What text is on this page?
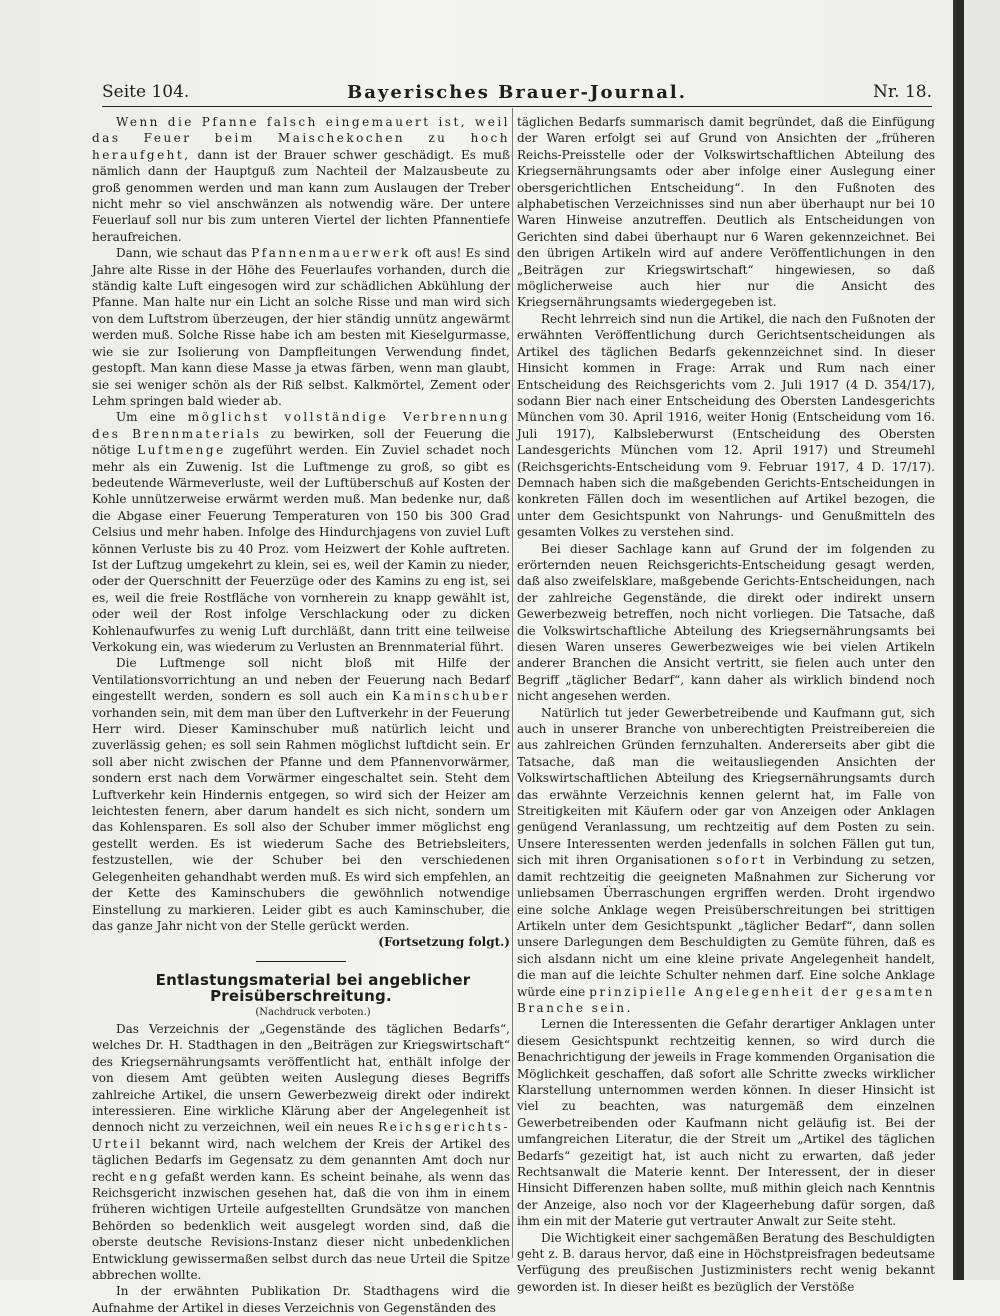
Seite 104.	Bayerisches Brauer-Journal.	Nr. 18.

Wenn die Pfanne falsch eingemauert ist, weil das Feuer beim Maischekochen zu hoch heraufgeht, dann ist der Brauer schwer geschädigt. Es muß nämlich dann der Hauptguß zum Nachteil der Malzausbeute zu groß genommen werden und man kann zum Auslaugen der Treber nicht mehr so viel anschwänzen als notwendig wäre. Der untere Feuerlauf soll nur bis zum unteren Viertel der lichten Pfannentiefe heraufreichen.

Dann, wie schaut das Pfannenmauerwerk oft aus! Es sind Jahre alte Risse in der Höhe des Feuerlaufes vorhanden, durch die ständig kalte Luft eingesogen wird zur schädlichen Abkühlung der Pfanne. Man halte nur ein Licht an solche Risse und man wird sich von dem Luftstrom überzeugen, der hier ständig unnütz angewärmt werden muß. Solche Risse habe ich am besten mit Kieselgurmasse, wie sie zur Isolierung von Dampfleitungen Verwendung findet, gestopft. Man kann diese Masse ja etwas färben, wenn man glaubt, sie sei weniger schön als der Riß selbst. Kalkmörtel, Zement oder Lehm springen bald wieder ab.

Um eine möglichst vollständige Verbrennung des Brennmaterials zu bewirken, soll der Feuerung die nötige Luftmenge zugeführt werden. Ein Zuviel schadet noch mehr als ein Zuwenig. Ist die Luftmenge zu groß, so gibt es bedeutende Wärmeverluste, weil der Luftüberschuß auf Kosten der Kohle unnützerweise erwärmt werden muß. Man bedenke nur, daß die Abgase einer Feuerung Temperaturen von 150 bis 300 Grad Celsius und mehr haben. Infolge des Hindurchjagens von zuviel Luft können Verluste bis zu 40 Proz. vom Heizwert der Kohle auftreten. Ist der Luftzug umgekehrt zu klein, sei es, weil der Kamin zu nieder, oder der Querschnitt der Feuerzüge oder des Kamins zu eng ist, sei es, weil die freie Rostfläche von vornherein zu knapp gewählt ist, oder weil der Rost infolge Verschlackung oder zu dicken Kohlenaufwurfes zu wenig Luft durchläßt, dann tritt eine teilweise Verkokung ein, was wiederum zu Verlusten an Brennmaterial führt.

Die Luftmenge soll nicht bloß mit Hilfe der Ventilationsvorrichtung an und neben der Feuerung nach Bedarf eingestellt werden, sondern es soll auch ein Kaminschuber vorhanden sein, mit dem man über den Luftverkehr in der Feuerung Herr wird. Dieser Kaminschuber muß natürlich leicht und zuverlässig gehen; es soll sein Rahmen möglichst luftdicht sein. Er soll aber nicht zwischen der Pfanne und dem Pfannenvorwärmer, sondern erst nach dem Vorwärmer eingeschaltet sein. Steht dem Luftverkehr kein Hindernis entgegen, so wird sich der Heizer am leichtesten fenern, aber darum handelt es sich nicht, sondern um das Kohlensparen. Es soll also der Schuber immer möglichst eng gestellt werden. Es ist wiederum Sache des Betriebsleiters, festzustellen, wie der Schuber bei den verschiedenen Gelegenheiten gehandhabt werden muß. Es wird sich empfehlen, an der Kette des Kaminschubers die gewöhnlich notwendige Einstellung zu markieren. Leider gibt es auch Kaminschuber, die das ganze Jahr nicht von der Stelle gerückt werden.

(Fortsetzung folgt.)

Entlastungsmaterial bei angeblicher Preisüberschreitung.

(Nachdruck verboten.)

Das Verzeichnis der „Gegenstände des täglichen Bedarfs“, welches Dr. H. Stadthagen in den „Beiträgen zur Kriegswirtschaft“ des Kriegsernährungsamts veröffentlicht hat, enthält infolge der von diesem Amt geübten weiten Auslegung dieses Begriffs zahlreiche Artikel, die unsern Gewerbezweig direkt oder indirekt interessieren. Eine wirkliche Klärung aber der Angelegenheit ist dennoch nicht zu verzeichnen, weil ein neues Reichsgerichts-Urteil bekannt wird, nach welchem der Kreis der Artikel des täglichen Bedarfs im Gegensatz zu dem genannten Amt doch nur recht eng gefaßt werden kann. Es scheint beinahe, als wenn das Reichsgericht inzwischen gesehen hat, daß die von ihm in einem früheren wichtigen Urteile aufgestellten Grundsätze von manchen Behörden so bedenklich weit ausgelegt worden sind, daß die oberste deutsche Revisions-Instanz dieser nicht unbedenklichen Entwicklung gewissermaßen selbst durch das neue Urteil die Spitze abbrechen wollte.

In der erwähnten Publikation Dr. Stadthagens wird die Aufnahme der Artikel in dieses Verzeichnis von Gegenständen des

täglichen Bedarfs summarisch damit begründet, daß die Einfügung der Waren erfolgt sei auf Grund von Ansichten der „früheren Reichs-Preisstelle oder der Volkswirtschaftlichen Abteilung des Kriegsernährungsamts oder aber infolge einer Auslegung einer obersgerichtlichen Entscheidung“. In den Fußnoten des alphabetischen Verzeichnisses sind nun aber überhaupt nur bei 10 Waren Hinweise anzutreffen. Deutlich als Entscheidungen von Gerichten sind dabei überhaupt nur 6 Waren gekennzeichnet. Bei den übrigen Artikeln wird auf andere Veröffentlichungen in den „Beiträgen zur Kriegswirtschaft“ hingewiesen, so daß möglicherweise auch hier nur die Ansicht des Kriegsernährungsamts wiedergegeben ist.

Recht lehrreich sind nun die Artikel, die nach den Fußnoten der erwähnten Veröffentlichung durch Gerichtsentscheidungen als Artikel des täglichen Bedarfs gekennzeichnet sind. In dieser Hinsicht kommen in Frage: Arrak und Rum nach einer Entscheidung des Reichsgerichts vom 2. Juli 1917 (4 D. 354/17), sodann Bier nach einer Entscheidung des Obersten Landesgerichts München vom 30. April 1916, weiter Honig (Entscheidung vom 16. Juli 1917), Kalbsleberwurst (Entscheidung des Obersten Landesgerichts München vom 12. April 1917) und Streumehl (Reichsgerichts-Entscheidung vom 9. Februar 1917, 4 D. 17/17). Demnach haben sich die maßgebenden Gerichts-Entscheidungen in konkreten Fällen doch im wesentlichen auf Artikel bezogen, die unter dem Gesichtspunkt von Nahrungs- und Genußmitteln des gesamten Volkes zu verstehen sind.

Bei dieser Sachlage kann auf Grund der im folgenden zu erörternden neuen Reichsgerichts-Entscheidung gesagt werden, daß also zweifelsklare, maßgebende Gerichts-Entscheidungen, nach der zahlreiche Gegenstände, die direkt oder indirekt unsern Gewerbezweig betreffen, noch nicht vorliegen. Die Tatsache, daß die Volkswirtschaftliche Abteilung des Kriegsernährungsamts bei diesen Waren unseres Gewerbezweiges wie bei vielen Artikeln anderer Branchen die Ansicht vertritt, sie fielen auch unter den Begriff „täglicher Bedarf“, kann daher als wirklich bindend noch nicht angesehen werden.

Natürlich tut jeder Gewerbetreibende und Kaufmann gut, sich auch in unserer Branche von unberechtigten Preistreibereien die aus zahlreichen Gründen fernzuhalten. Andererseits aber gibt die Tatsache, daß man die weitausliegenden Ansichten der Volkswirtschaftlichen Abteilung des Kriegsernährungsamts durch das erwähnte Verzeichnis kennen gelernt hat, im Falle von Streitigkeiten mit Käufern oder gar von Anzeigen oder Anklagen genügend Veranlassung, um rechtzeitig auf dem Posten zu sein. Unsere Interessenten werden jedenfalls in solchen Fällen gut tun, sich mit ihren Organisationen sofort in Verbindung zu setzen, damit rechtzeitig die geeigneten Maßnahmen zur Sicherung vor unliebsamen Überraschungen ergriffen werden. Droht irgendwo eine solche Anklage wegen Preisüberschreitungen bei strittigen Artikeln unter dem Gesichtspunkt „täglicher Bedarf“, dann sollen unsere Darlegungen dem Beschuldigten zu Gemüte führen, daß es sich alsdann nicht um eine kleine private Angelegenheit handelt, die man auf die leichte Schulter nehmen darf. Eine solche Anklage würde eine prinzipielle Angelegenheit der gesamten Branche sein.

Lernen die Interessenten die Gefahr derartiger Anklagen unter diesem Gesichtspunkt rechtzeitig kennen, so wird durch die Benachrichtigung der jeweils in Frage kommenden Organisation die Möglichkeit geschaffen, daß sofort alle Schritte zwecks wirklicher Klarstellung unternommen werden können. In dieser Hinsicht ist viel zu beachten, was naturgemäß dem einzelnen Gewerbetreibenden oder Kaufmann nicht geläufig ist. Bei der umfangreichen Literatur, die der Streit um „Artikel des täglichen Bedarfs“ gezeitigt hat, ist auch nicht zu erwarten, daß jeder Rechtsanwalt die Materie kennt. Der Interessent, der in dieser Hinsicht Differenzen haben sollte, muß mithin gleich nach Kenntnis der Anzeige, also noch vor der Klageerhebung dafür sorgen, daß ihm ein mit der Materie gut vertrauter Anwalt zur Seite steht.

Die Wichtigkeit einer sachgemäßen Beratung des Beschuldigten geht z. B. daraus hervor, daß eine in Höchstpreisfragen bedeutsame Verfügung des preußischen Justizministers recht wenig bekannt geworden ist. In dieser heißt es bezüglich der Verstöße
